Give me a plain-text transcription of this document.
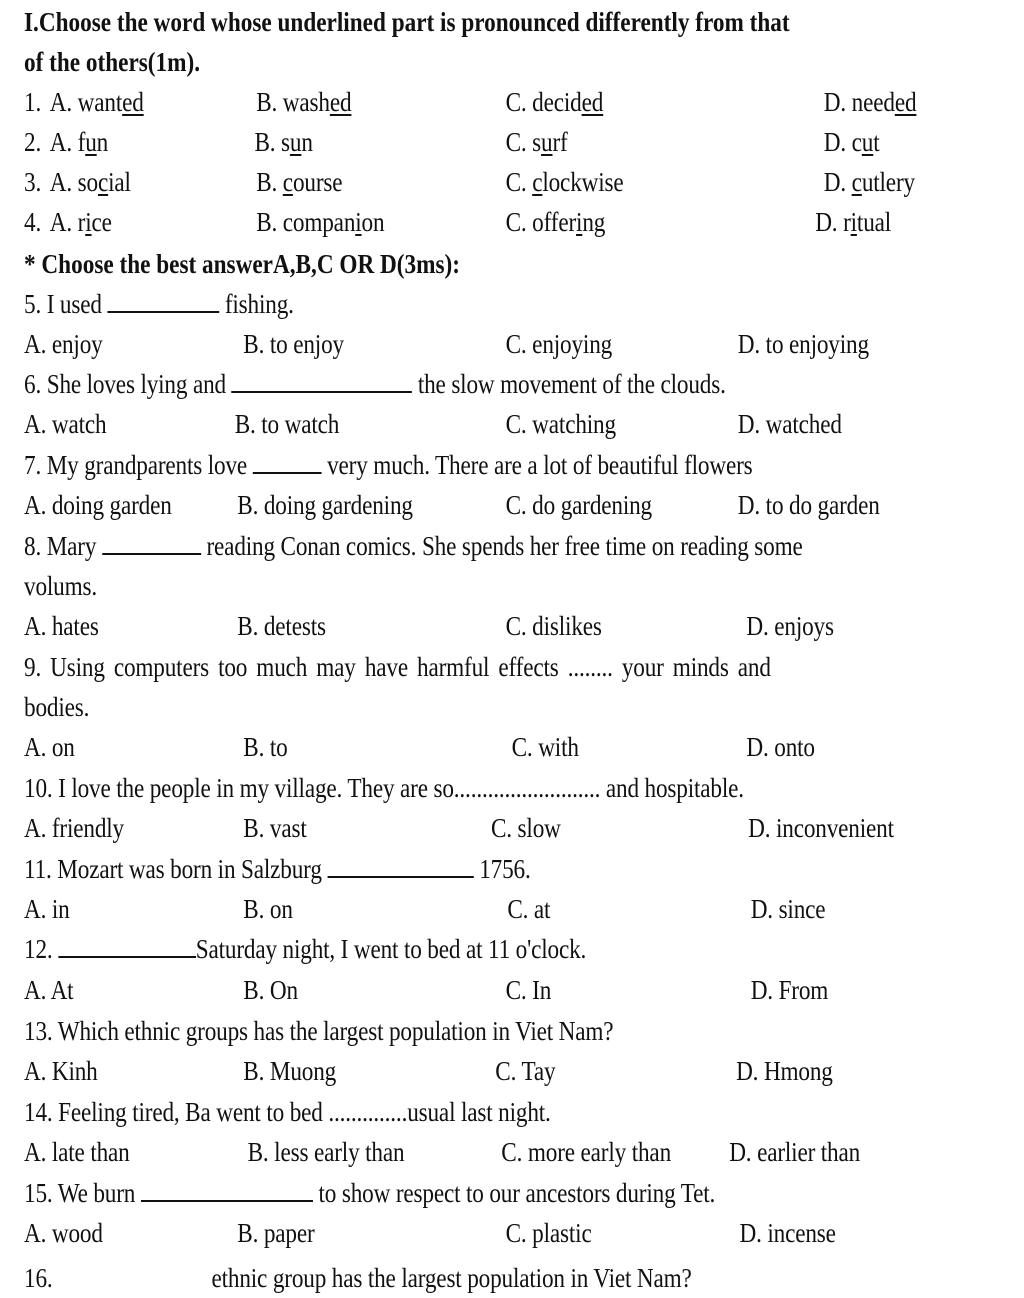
I.Choose the word whose underlined part is pronounced differently from that
of the others(1m).
1. A. wanted	B. washed	C. decided	D. needed
2. A. fun	B. sun	C. surf	D. cut
3. A. social	B. course	C. clockwise	D. cutlery
4. A. rice	B. companion	C. offering	D. ritual
* Choose the best answerA,B,C OR D(3ms):
5. I used	fishing.
A. enjoy	B. to enjoy	C. enjoying	D. to enjoying
6. She loves lying and	the slow movement of the clouds.
A. watch	B. to watch	C. watching	D. watched
7. My grandparents love	very much. There are a lot of beautiful flowers
A. doing garden B. doing gardening	C. do gardening	D. to do garden
8. Mary	reading Conan comics. She spends her free time on reading some
volums.
A. hates	B. detests	C. dislikes	D. enjoys
9. Using computers too much may have harmful effects ........ your minds and
bodies.
A. on	B. to	C. with	D. onto
10. I love the people in my village. They are so.......................... and hospitable.
A. friendly	B. vast	C. slow	D. inconvenient
11. Mozart was born in Salzburg	1756.
A. in	B. on	C. at	D. since
12.	Saturday night, I went to bed at 11 o'clock.
A. At	B. On	C. In	D. From
13. Which ethnic groups has the largest population in Viet Nam?
A. Kinh	B. Muong	C. Tay	D. Hmong
14. Feeling tired, Ba went to bed ..............usual last night.
A. late than	B. less early than	C. more early than D. earlier than
15. We burn	to show respect to our ancestors during Tet.
A. wood	B. paper	C. plastic	D. incense
16.	ethnic group has the largest population in Viet Nam?
